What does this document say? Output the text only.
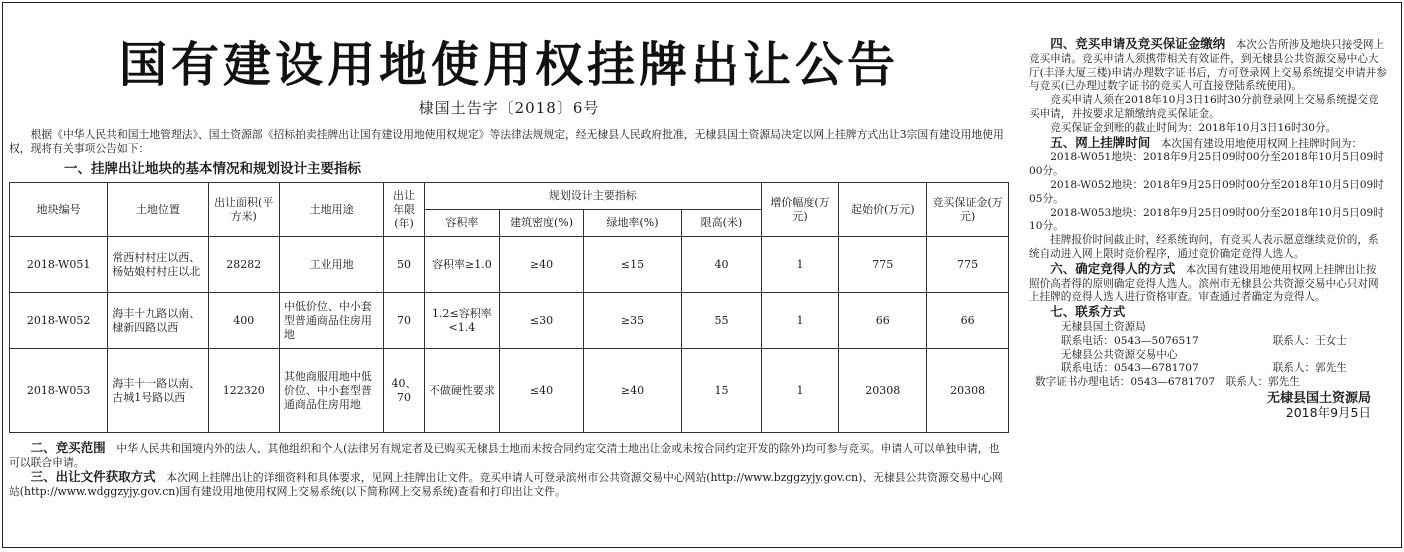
国有建设用地使用权挂牌出让公告
棣国土告字〔2018〕6号
根据《中华人民共和国土地管理法》、国土资源部《招标拍卖挂牌出让国有建设用地使用权规定》等法律法规规定，经无棣县人民政府批准，无棣县国土资源局决定以网上挂牌方式出让3宗国有建设用地使用权，现将有关事项公告如下：
一、挂牌出让地块的基本情况和规划设计主要指标
地块编号	土地位置	出让面积(平方米)	土地用途	出让年限(年)	规划设计主要指标				增价幅度(万元)	起始价(万元)	竞买保证金(万元)
					容积率	建筑密度(%)	绿地率(%)	限高(米)			
2018-W051	常西村村庄以西、杨姑娘村村庄以北	28282	工业用地	50	容积率≥1.0	≥40	≤15	40	1	775	775
2018-W052	海丰十九路以南、棣新四路以西	400	中低价位、中小套型普通商品住房用地	70	1.2≤容积率<1.4	≤30	≥35	55	1	66	66
2018-W053	海丰十一路以南、古城1号路以西	122320	其他商服用地中低价位、中小套型普通商品住房用地	40、70	不做硬性要求	≤40	≥40	15	1	20308	20308
二、竞买范围　 中华人民共和国境内外的法人、其他组织和个人(法律另有规定者及已购买无棣县土地而未按合同约定交清土地出让金或未按合同约定开发的除外)均可参与竞买。申请人可以单独申请，也可以联合申请。
三、出让文件获取方式　 本次网上挂牌出让的详细资料和具体要求，见网上挂牌出让文件。竞买申请人可登录滨州市公共资源交易中心网站(http://www.bzggzyjy.gov.cn)、无棣县公共资源交易中心网站(http://www.wdggzyjy.gov.cn)国有建设用地使用权网上交易系统(以下简称网上交易系统)查看和打印出让文件。

四、竞买申请及竞买保证金缴纳　 本次公告所涉及地块只接受网上竞买申请。竞买申请人须携带相关有效证件，到无棣县公共资源交易中心大厅(丰泽大厦三楼)申请办理数字证书后，方可登录网上交易系统提交申请并参与竞买(已办理过数字证书的竞买人可直接登陆系统使用)。

竞买申请人须在2018年10月3日16时30分前登录网上交易系统提交竞买申请，并按要求足额缴纳竞买保证金。

竞买保证金到账的截止时间为：2018年10月3日16时30分。

五、网上挂牌时间　 本次国有建设用地使用权网上挂牌时间为：

2018-W051地块：2018年9月25日09时00分至2018年10月5日09时00分。

2018-W052地块：2018年9月25日09时00分至2018年10月5日09时05分。

2018-W053地块：2018年9月25日09时00分至2018年10月5日09时10分。

挂牌报价时间截止时，经系统询问，有竞买人表示愿意继续竞价的，系统自动进入网上限时竞价程序，通过竞价确定竞得人选人。

六、确定竞得人的方式　 本次国有建设用地使用权网上挂牌出让按照价高者得的原则确定竞得人选人。滨州市无棣县公共资源交易中心只对网上挂牌的竞得人选人进行资格审查。审查通过者确定为竞得人。

七、联系方式

无棣县国土资源局
联系电话：0543—5076517	联系人：王女士
无棣县公共资源交易中心
联系电话：0543—6781707	联系人：郭先生
数字证书办理电话：0543—6781707　 联系人：郭先生
无棣县国土资源局
2018年9月5日
